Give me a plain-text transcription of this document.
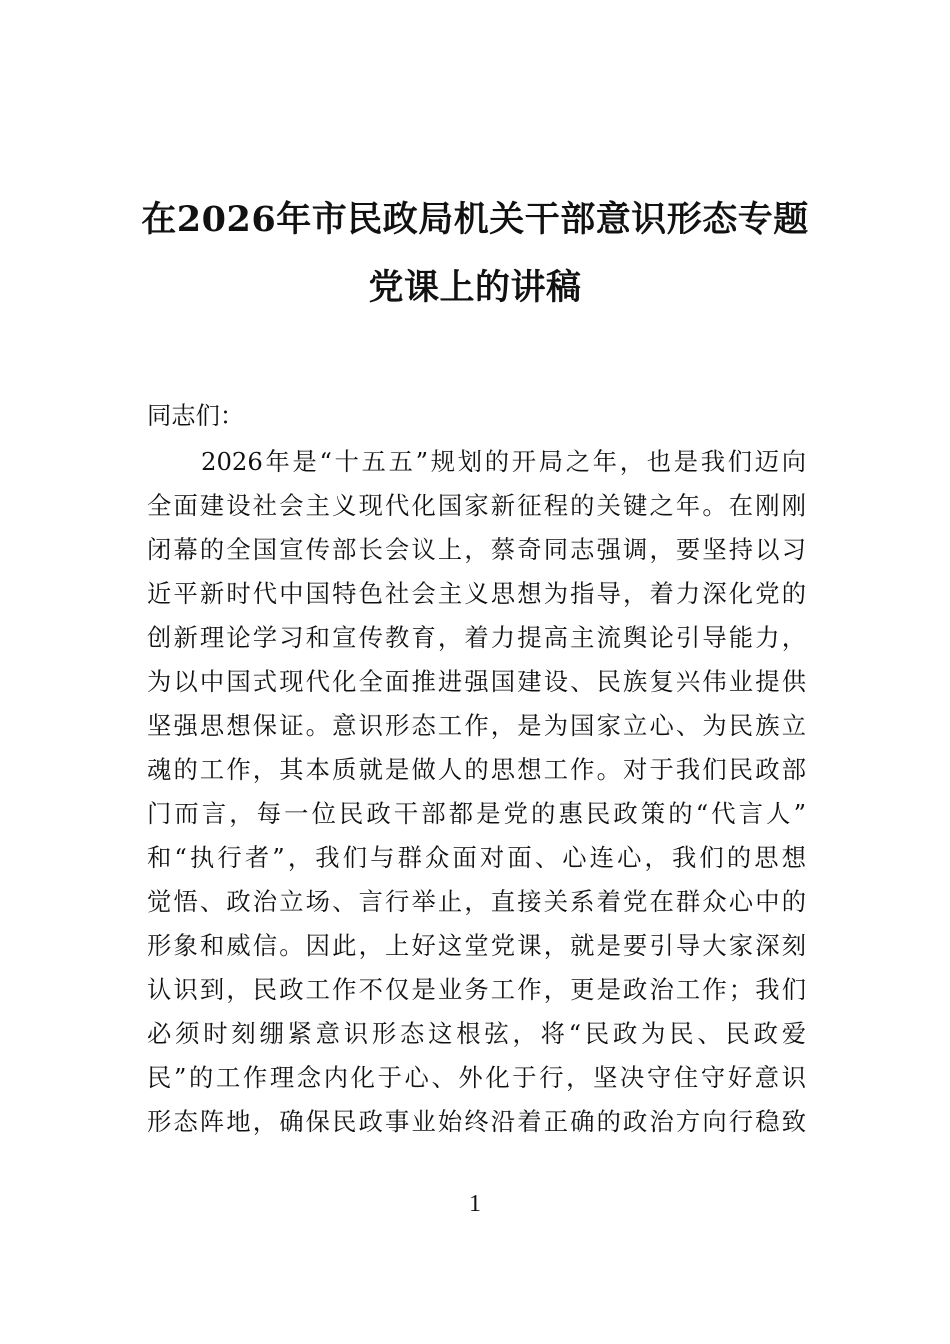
在2026年市民政局机关干部意识形态专题
党课上的讲稿
同志们：
　　2026年是“十五五”规划的开局之年，也是我们迈向
全面建设社会主义现代化国家新征程的关键之年。在刚刚
闭幕的全国宣传部长会议上，蔡奇同志强调，要坚持以习
近平新时代中国特色社会主义思想为指导，着力深化党的
创新理论学习和宣传教育，着力提高主流舆论引导能力，
为以中国式现代化全面推进强国建设、民族复兴伟业提供
坚强思想保证。意识形态工作，是为国家立心、为民族立
魂的工作，其本质就是做人的思想工作。对于我们民政部
门而言，每一位民政干部都是党的惠民政策的“代言人”
和“执行者”，我们与群众面对面、心连心，我们的思想
觉悟、政治立场、言行举止，直接关系着党在群众心中的
形象和威信。因此，上好这堂党课，就是要引导大家深刻
认识到，民政工作不仅是业务工作，更是政治工作；我们
必须时刻绷紧意识形态这根弦，将“民政为民、民政爱
民”的工作理念内化于心、外化于行，坚决守住守好意识
形态阵地，确保民政事业始终沿着正确的政治方向行稳致
1
